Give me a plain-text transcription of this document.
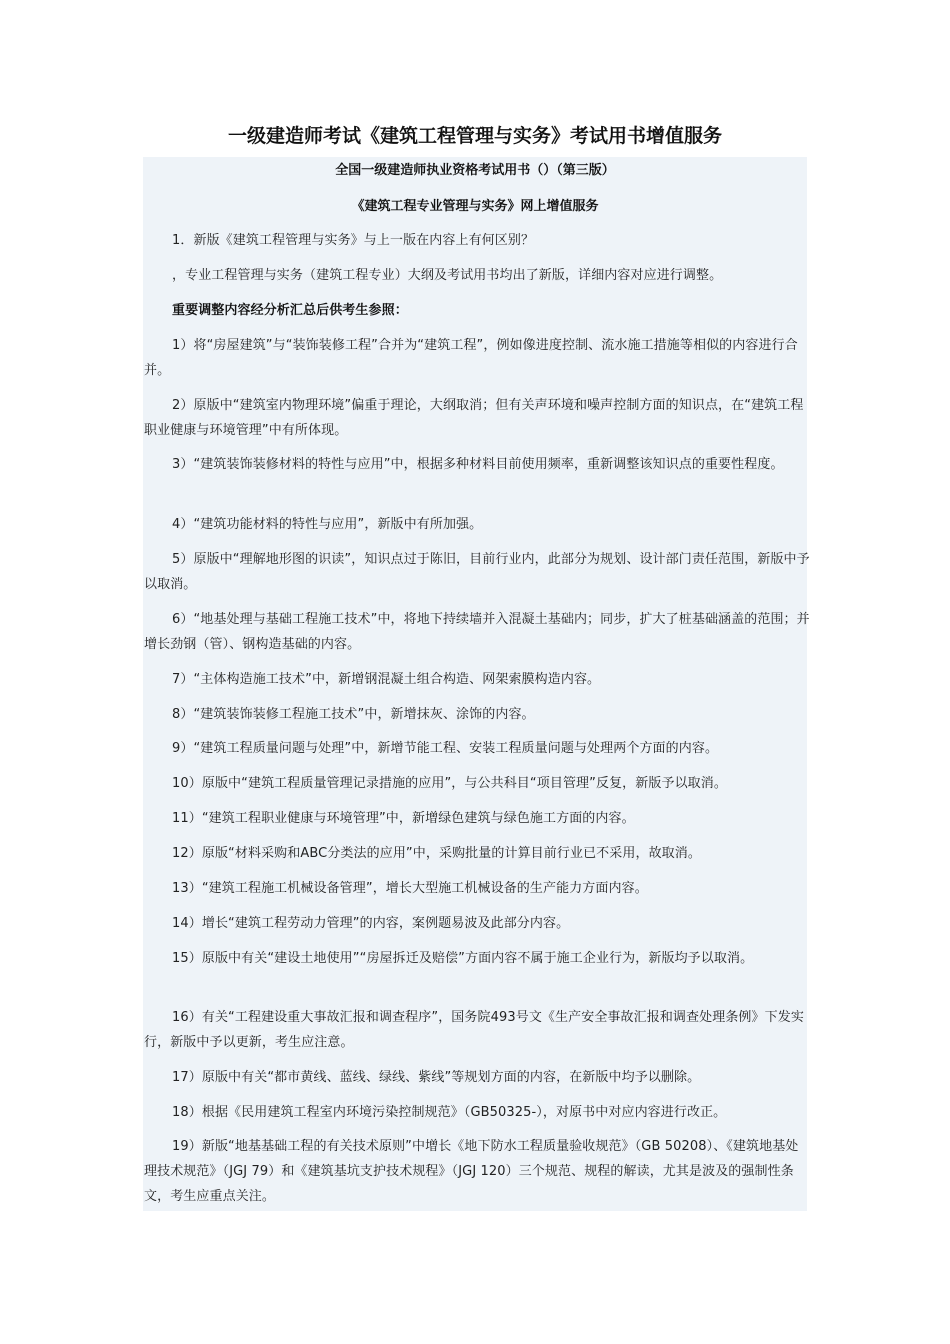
一级建造师考试《建筑工程管理与实务》考试用书增值服务
全国一级建造师执业资格考试用书（）（第三版）
《建筑工程专业管理与实务》网上增值服务

1．新版《建筑工程管理与实务》与上一版在内容上有何区别？

，专业工程管理与实务（建筑工程专业）大纲及考试用书均出了新版，详细内容对应进行调整。

重要调整内容经分析汇总后供考生参照：

1）将“房屋建筑”与“装饰装修工程”合并为“建筑工程”，例如像进度控制、流水施工措施等相似的内容进行合并。

2）原版中“建筑室内物理环境”偏重于理论，大纲取消；但有关声环境和噪声控制方面的知识点，在“建筑工程职业健康与环境管理”中有所体现。

3）“建筑装饰装修材料的特性与应用”中，根据多种材料目前使用频率，重新调整该知识点的重要性程度。

4）“建筑功能材料的特性与应用”，新版中有所加强。

5）原版中“理解地形图的识读”，知识点过于陈旧，目前行业内，此部分为规划、设计部门责任范围，新版中予以取消。

6）“地基处理与基础工程施工技术”中，将地下持续墙并入混凝土基础内；同步，扩大了桩基础涵盖的范围；并增长劲钢（管）、钢构造基础的内容。

7）“主体构造施工技术”中，新增钢混凝土组合构造、网架索膜构造内容。

8）“建筑装饰装修工程施工技术”中，新增抹灰、涂饰的内容。

9）“建筑工程质量问题与处理”中，新增节能工程、安装工程质量问题与处理两个方面的内容。

10）原版中“建筑工程质量管理记录措施的应用”，与公共科目“项目管理”反复，新版予以取消。

11）“建筑工程职业健康与环境管理”中，新增绿色建筑与绿色施工方面的内容。

12）原版“材料采购和ABC分类法的应用”中，采购批量的计算目前行业已不采用，故取消。

13）“建筑工程施工机械设备管理”，增长大型施工机械设备的生产能力方面内容。

14）增长“建筑工程劳动力管理”的内容，案例题易波及此部分内容。

15）原版中有关“建设土地使用”“房屋拆迁及赔偿”方面内容不属于施工企业行为，新版均予以取消。

16）有关“工程建设重大事故汇报和调查程序”，国务院493号文《生产安全事故汇报和调查处理条例》下发实行，新版中予以更新，考生应注意。

17）原版中有关“都市黄线、蓝线、绿线、紫线”等规划方面的内容，在新版中均予以删除。

18）根据《民用建筑工程室内环境污染控制规范》（GB50325-），对原书中对应内容进行改正。

19）新版“地基基础工程的有关技术原则”中增长《地下防水工程质量验收规范》（GB 50208）、《建筑地基处理技术规范》（JGJ 79）和《建筑基坑支护技术规程》（JGJ 120）三个规范、规程的解读，尤其是波及的强制性条文，考生应重点关注。
